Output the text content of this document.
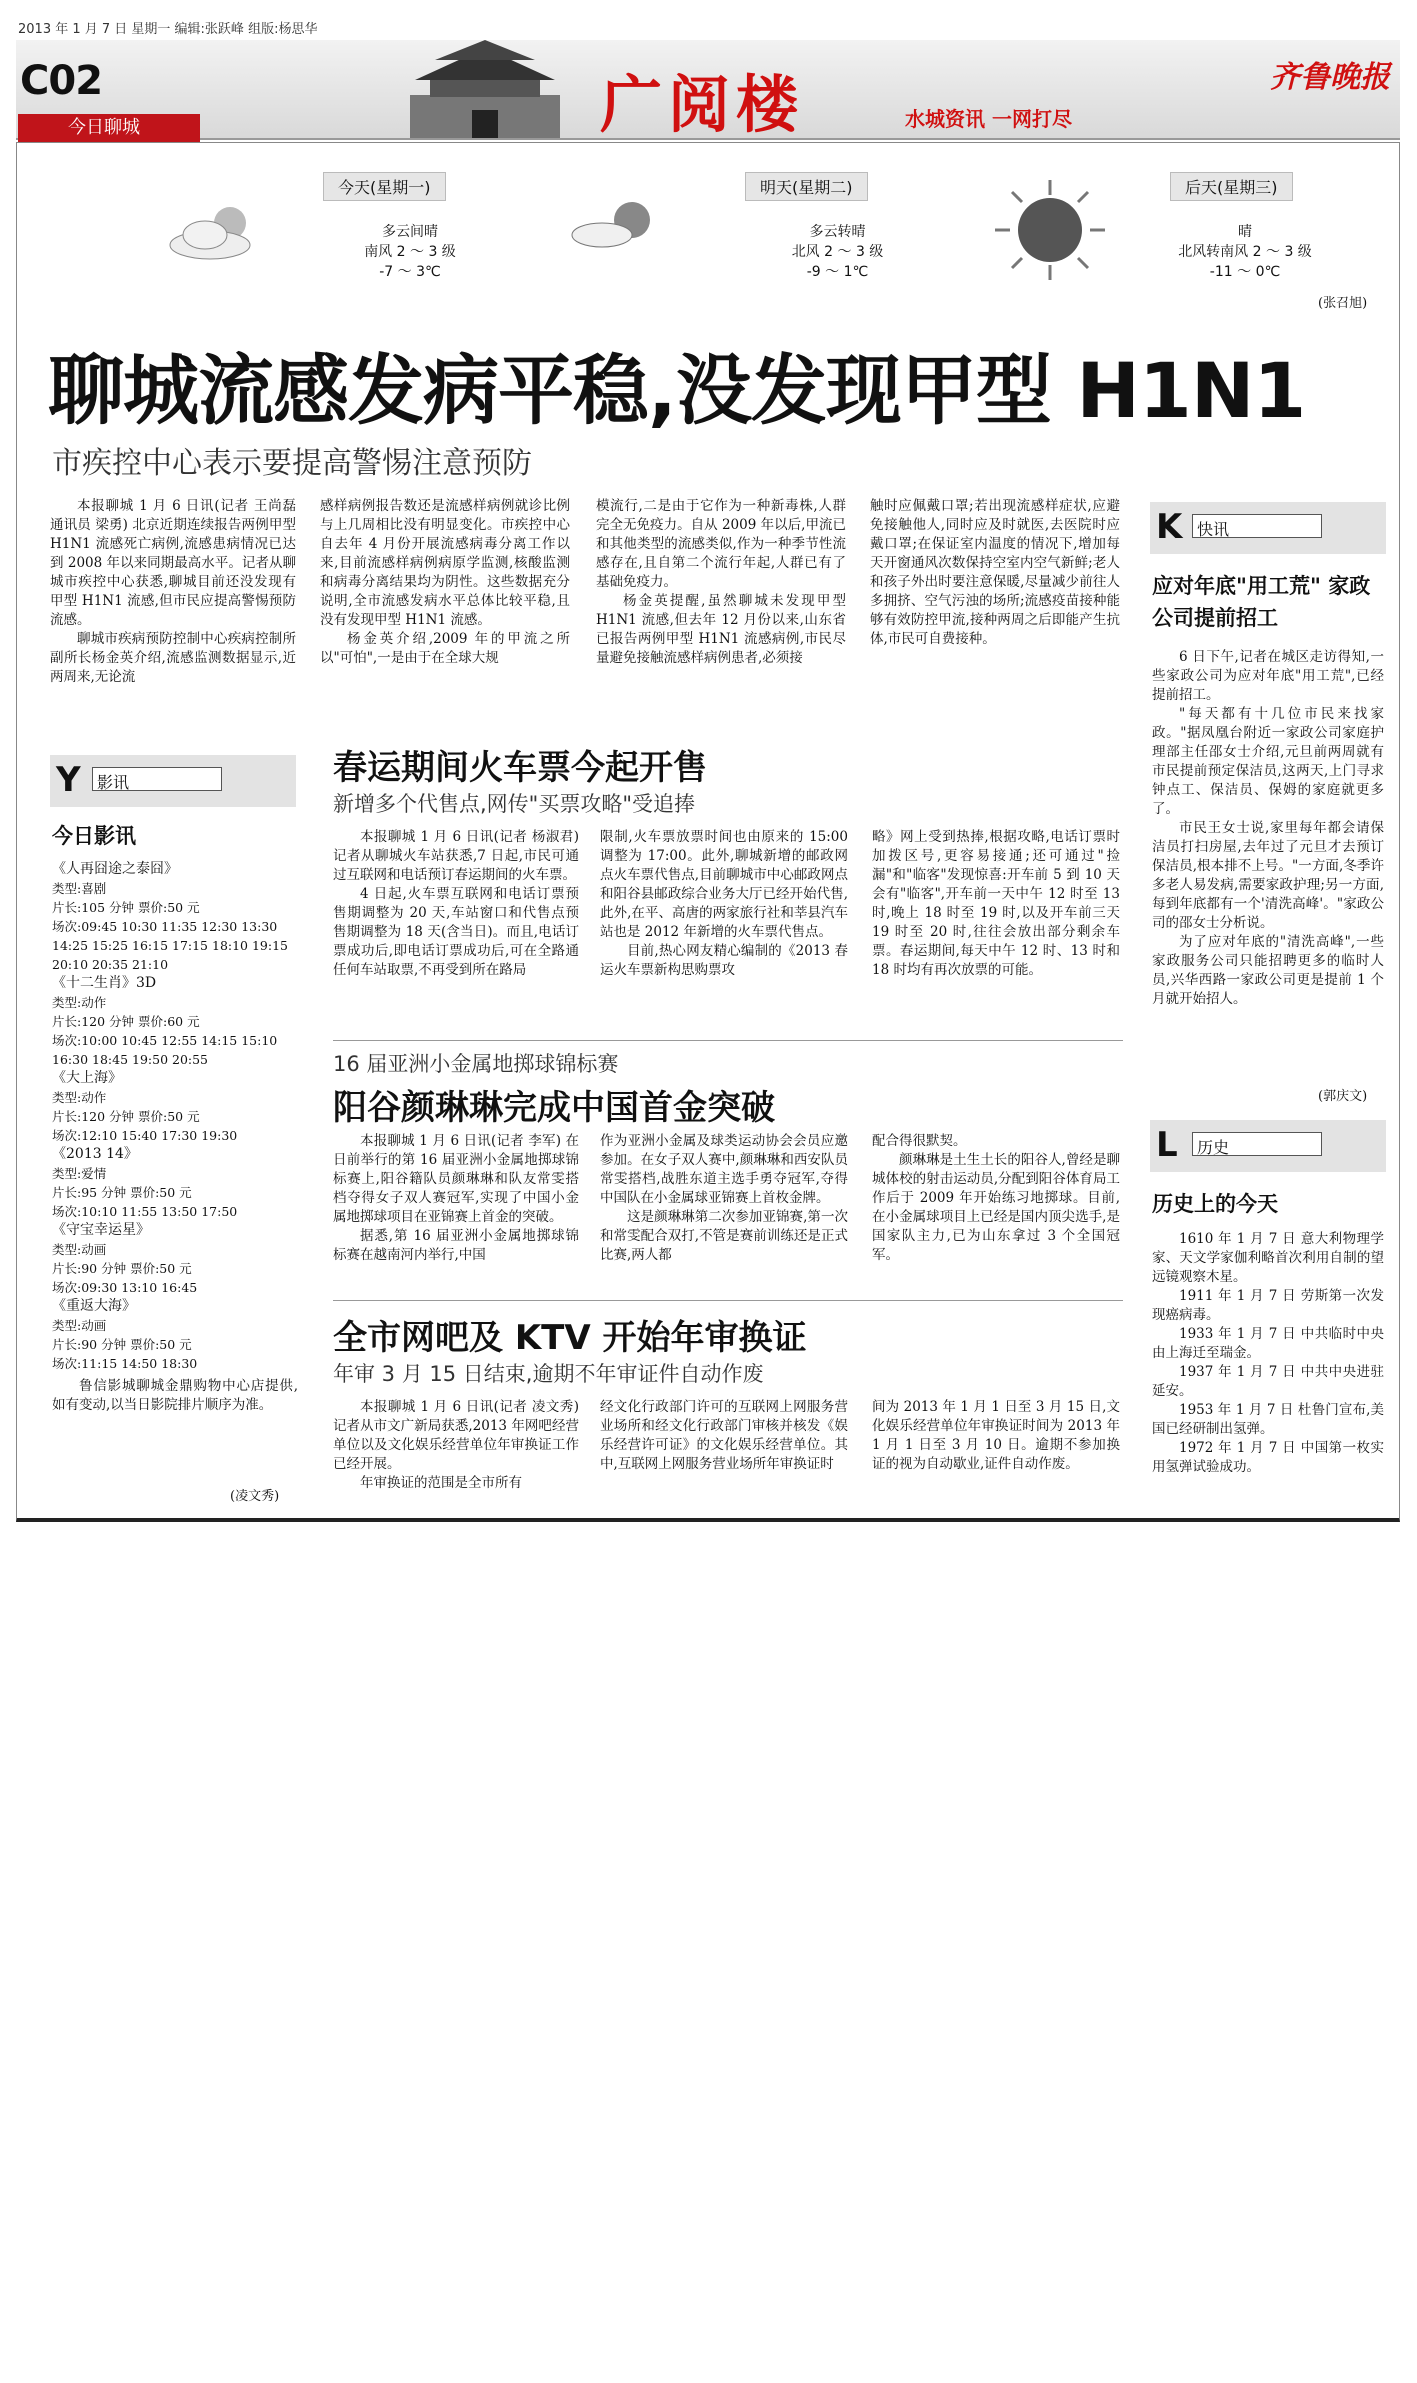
2013 年 1 月 7 日 星期一 编辑:张跃峰 组版:杨思华
C02	广阅楼	水城资讯 一网打尽
齐鲁晚报
今日聊城
今天(星期一)
多云间晴
南风 2 ～ 3 级
-7 ～ 3℃
明天(星期二)
多云转晴
北风 2 ～ 3 级
-9 ～ 1℃
后天(星期三)
晴
北风转南风 2 ～ 3 级
-11 ～ 0℃
(张召旭)
聊城流感发病平稳,没发现甲型 H1N1
市疾控中心表示要提高警惕注意预防

本报聊城 1 月 6 日讯(记者 王尚磊 通讯员 梁勇) 北京近期连续报告两例甲型 H1N1 流感死亡病例,流感患病情况已达到 2008 年以来同期最高水平。记者从聊城市疾控中心获悉,聊城目前还没发现有甲型 H1N1 流感,但市民应提高警惕预防流感。

聊城市疾病预防控制中心疾病控制所副所长杨金英介绍,流感监测数据显示,近两周来,无论流

感样病例报告数还是流感样病例就诊比例与上几周相比没有明显变化。市疾控中心自去年 4 月份开展流感病毒分离工作以来,目前流感样病例病原学监测,核酸监测和病毒分离结果均为阴性。这些数据充分说明,全市流感发病水平总体比较平稳,且没有发现甲型 H1N1 流感。

杨金英介绍,2009 年的甲流之所以"可怕",一是由于在全球大规

模流行,二是由于它作为一种新毒株,人群完全无免疫力。自从 2009 年以后,甲流已和其他类型的流感类似,作为一种季节性流感存在,且自第二个流行年起,人群已有了基础免疫力。

杨金英提醒,虽然聊城未发现甲型 H1N1 流感,但去年 12 月份以来,山东省已报告两例甲型 H1N1 流感病例,市民尽量避免接触流感样病例患者,必须接

触时应佩戴口罩;若出现流感样症状,应避免接触他人,同时应及时就医,去医院时应戴口罩;在保证室内温度的情况下,增加每天开窗通风次数保持空室内空气新鲜;老人和孩子外出时要注意保暖,尽量减少前往人多拥挤、空气污浊的场所;流感疫苗接种能够有效防控甲流,接种两周之后即能产生抗体,市民可自费接种。

Y	影讯
今日影讯
《人再囧途之泰囧》
类型:喜剧
片长:105 分钟 票价:50 元
场次:09:45 10:30 11:35 12:30 13:30
14:25 15:25 16:15 17:15 18:10 19:15
20:10 20:35 21:10
《十二生肖》3D
类型:动作
片长:120 分钟 票价:60 元
场次:10:00 10:45 12:55 14:15 15:10
16:30 18:45 19:50 20:55
《大上海》
类型:动作
片长:120 分钟 票价:50 元
场次:12:10 15:40 17:30 19:30
《2013 14》
类型:爱情
片长:95 分钟 票价:50 元
场次:10:10 11:55 13:50 17:50
《守宝幸运星》
类型:动画
片长:90 分钟 票价:50 元
场次:09:30 13:10 16:45
《重返大海》
类型:动画
片长:90 分钟 票价:50 元
场次:11:15 14:50 18:30

鲁信影城聊城金鼎购物中心店提供,如有变动,以当日影院排片顺序为准。

(凌文秀)
春运期间火车票今起开售
新增多个代售点,网传"买票攻略"受追捧

本报聊城 1 月 6 日讯(记者 杨淑君) 记者从聊城火车站获悉,7 日起,市民可通过互联网和电话预订春运期间的火车票。

4 日起,火车票互联网和电话订票预售期调整为 20 天,车站窗口和代售点预售期调整为 18 天(含当日)。而且,电话订票成功后,即电话订票成功后,可在全路通任何车站取票,不再受到所在路局

限制,火车票放票时间也由原来的 15:00 调整为 17:00。此外,聊城新增的邮政网点火车票代售点,目前聊城市中心邮政网点和阳谷县邮政综合业务大厅已经开始代售,此外,在平、高唐的两家旅行社和莘县汽车站也是 2012 年新增的火车票代售点。

目前,热心网友精心编制的《2013 春运火车票新构思购票攻

略》网上受到热捧,根据攻略,电话订票时加拨区号,更容易接通;还可通过"捡漏"和"临客"发现惊喜:开车前 5 到 10 天会有"临客",开车前一天中午 12 时至 13 时,晚上 18 时至 19 时,以及开车前三天 19 时至 20 时,往往会放出部分剩余车票。春运期间,每天中午 12 时、13 时和 18 时均有再次放票的可能。

16 届亚洲小金属地掷球锦标赛
阳谷颜琳琳完成中国首金突破

本报聊城 1 月 6 日讯(记者 李军) 在日前举行的第 16 届亚洲小金属地掷球锦标赛上,阳谷籍队员颜琳琳和队友常雯搭档夺得女子双人赛冠军,实现了中国小金属地掷球项目在亚锦赛上首金的突破。

据悉,第 16 届亚洲小金属地掷球锦标赛在越南河内举行,中国

作为亚洲小金属及球类运动协会会员应邀参加。在女子双人赛中,颜琳琳和西安队员常雯搭档,战胜东道主选手勇夺冠军,夺得中国队在小金属球亚锦赛上首枚金牌。

这是颜琳琳第二次参加亚锦赛,第一次和常雯配合双打,不管是赛前训练还是正式比赛,两人都

配合得很默契。

颜琳琳是土生土长的阳谷人,曾经是聊城体校的射击运动员,分配到阳谷体育局工作后于 2009 年开始练习地掷球。目前,在小金属球项目上已经是国内顶尖选手,是国家队主力,已为山东拿过 3 个全国冠军。

全市网吧及 KTV 开始年审换证
年审 3 月 15 日结束,逾期不年审证件自动作废

本报聊城 1 月 6 日讯(记者 凌文秀) 记者从市文广新局获悉,2013 年网吧经营单位以及文化娱乐经营单位年审换证工作已经开展。

年审换证的范围是全市所有

经文化行政部门许可的互联网上网服务营业场所和经文化行政部门审核并核发《娱乐经营许可证》的文化娱乐经营单位。其中,互联网上网服务营业场所年审换证时

间为 2013 年 1 月 1 日至 3 月 15 日,文化娱乐经营单位年审换证时间为 2013 年 1 月 1 日至 3 月 10 日。逾期不参加换证的视为自动歇业,证件自动作废。

K 快讯
应对年底"用工荒" 家政公司提前招工

6 日下午,记者在城区走访得知,一些家政公司为应对年底"用工荒",已经提前招工。

"每天都有十几位市民来找家政。"据凤凰台附近一家政公司家庭护理部主任邵女士介绍,元旦前两周就有市民提前预定保洁员,这两天,上门寻求钟点工、保洁员、保姆的家庭就更多了。

市民王女士说,家里每年都会请保洁员打扫房屋,去年过了元旦才去预订保洁员,根本排不上号。"一方面,冬季许多老人易发病,需要家政护理;另一方面,每到年底都有一个'清洗高峰'。"家政公司的邵女士分析说。

为了应对年底的"清洗高峰",一些家政服务公司只能招聘更多的临时人员,兴华西路一家政公司更是提前 1 个月就开始招人。

(郭庆文)
L	历史
历史上的今天

1610 年 1 月 7 日 意大利物理学家、天文学家伽利略首次利用自制的望远镜观察木星。

1911 年 1 月 7 日 劳斯第一次发现癌病毒。

1933 年 1 月 7 日 中共临时中央由上海迁至瑞金。

1937 年 1 月 7 日 中共中央进驻延安。

1953 年 1 月 7 日 杜鲁门宣布,美国已经研制出氢弹。

1972 年 1 月 7 日 中国第一枚实用氢弹试验成功。
